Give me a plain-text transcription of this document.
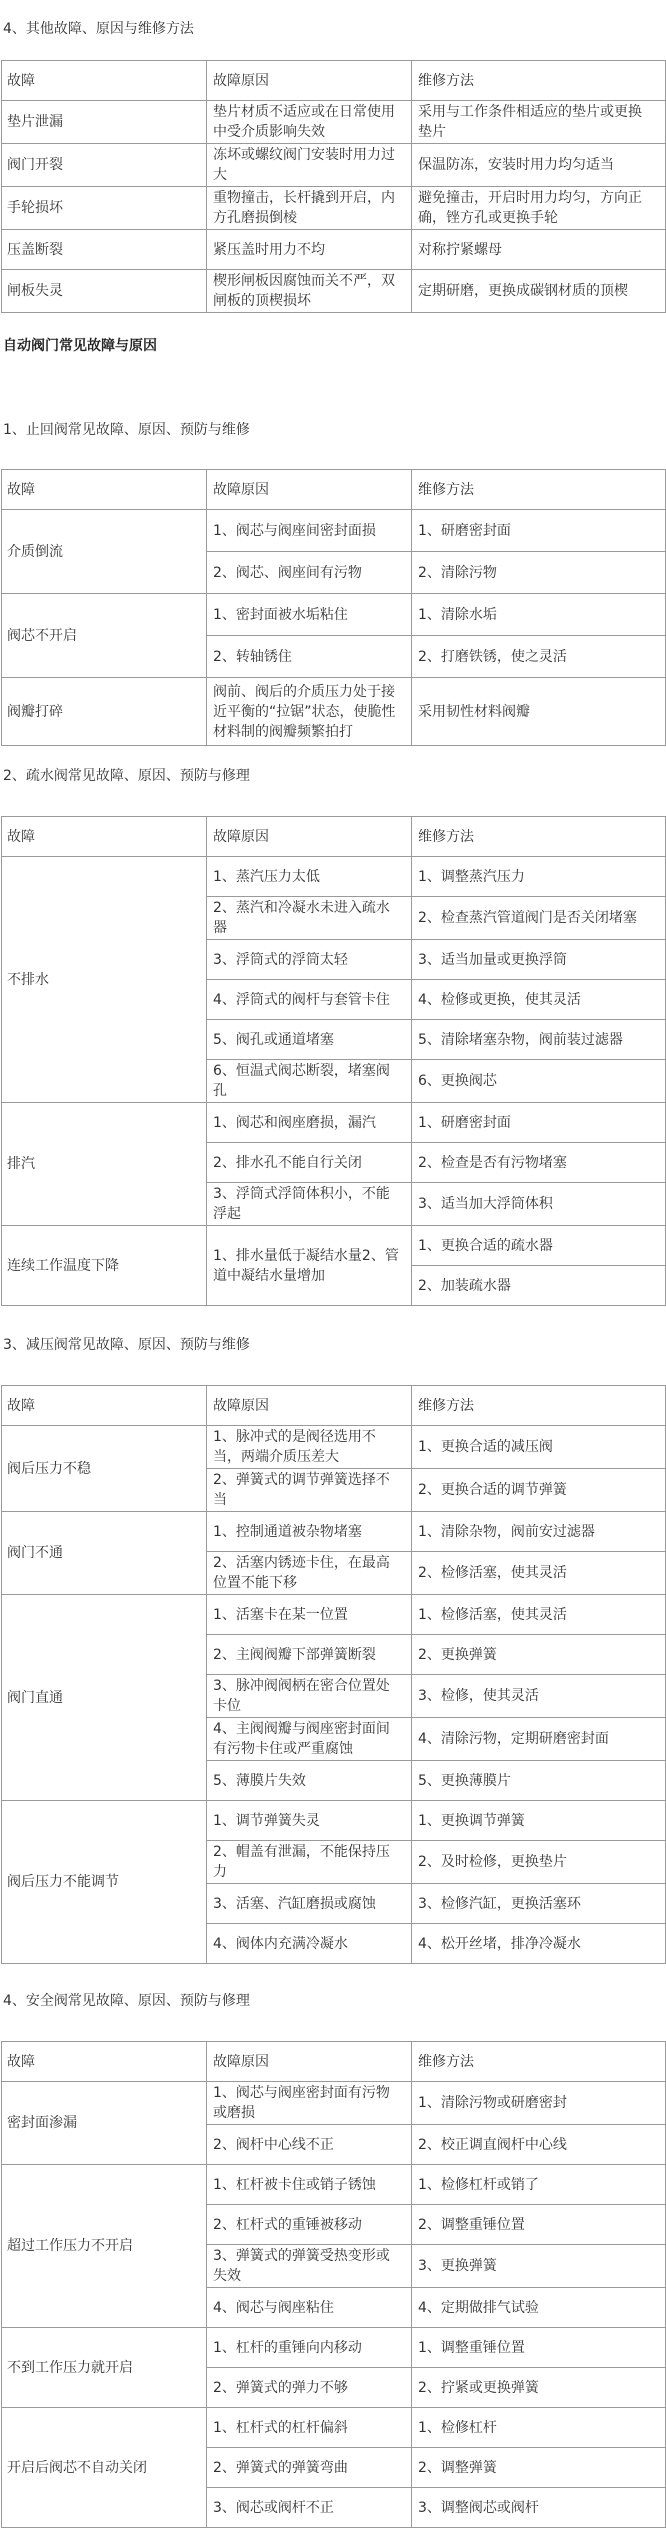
4、其他故障、原因与维修方法
故障	故障原因	维修方法
垫片泄漏	垫片材质不适应或在日常使用中受介质影响失效	采用与工作条件相适应的垫片或更换垫片
阀门开裂	冻坏或螺纹阀门安装时用力过大	保温防冻，安装时用力均匀适当
手轮损坏	重物撞击，长杆撬到开启，内方孔磨损倒棱	避免撞击，开启时用力均匀，方向正确，锉方孔或更换手轮
压盖断裂	紧压盖时用力不均	对称拧紧螺母
闸板失灵	楔形闸板因腐蚀而关不严，双闸板的顶楔损坏	定期研磨，更换成碳钢材质的顶楔
自动阀门常见故障与原因
1、止回阀常见故障、原因、预防与维修
故障	故障原因	维修方法
介质倒流	1、阀芯与阀座间密封面损	1、研磨密封面
	2、阀芯、阀座间有污物	2、清除污物
阀芯不开启	1、密封面被水垢粘住	1、清除水垢
	2、转轴锈住	2、打磨铁锈，使之灵活
阀瓣打碎	阀前、阀后的介质压力处于接近平衡的“拉锯”状态，使脆性材料制的阀瓣频繁拍打	采用韧性材料阀瓣
2、疏水阀常见故障、原因、预防与修理
故障	故障原因	维修方法
不排水	1、蒸汽压力太低	1、调整蒸汽压力
	2、蒸汽和冷凝水未进入疏水器	2、检查蒸汽管道阀门是否关闭堵塞
	3、浮筒式的浮筒太轻	3、适当加量或更换浮筒
	4、浮筒式的阀杆与套管卡住	4、检修或更换，使其灵活
	5、阀孔或通道堵塞	5、清除堵塞杂物，阀前装过滤器
	6、恒温式阀芯断裂，堵塞阀孔	6、更换阀芯
排汽	1、阀芯和阀座磨损，漏汽	1、研磨密封面
	2、排水孔不能自行关闭	2、检查是否有污物堵塞
	3、浮筒式浮筒体积小，不能浮起	3、适当加大浮筒体积
连续工作温度下降	1、排水量低于凝结水量2、管道中凝结水量增加	1、更换合适的疏水器
		2、加装疏水器
3、减压阀常见故障、原因、预防与维修
故障	故障原因	维修方法
阀后压力不稳	1、脉冲式的是阀径选用不当，两端介质压差大	1、更换合适的减压阀
	2、弹簧式的调节弹簧选择不当	2、更换合适的调节弹簧
阀门不通	1、控制通道被杂物堵塞	1、清除杂物，阀前安过滤器
	2、活塞内锈迹卡住，在最高位置不能下移	2、检修活塞，使其灵活
阀门直通	1、活塞卡在某一位置	1、检修活塞，使其灵活
	2、主阀阀瓣下部弹簧断裂	2、更换弹簧
	3、脉冲阀阀柄在密合位置处卡位	3、检修，使其灵活
	4、主阀阀瓣与阀座密封面间有污物卡住或严重腐蚀	4、清除污物，定期研磨密封面
	5、薄膜片失效	5、更换薄膜片
阀后压力不能调节	1、调节弹簧失灵	1、更换调节弹簧
	2、帽盖有泄漏，不能保持压力	2、及时检修，更换垫片
	3、活塞、汽缸磨损或腐蚀	3、检修汽缸，更换活塞环
	4、阀体内充满冷凝水	4、松开丝堵，排净冷凝水
4、安全阀常见故障、原因、预防与修理
故障	故障原因	维修方法
密封面渗漏	1、阀芯与阀座密封面有污物或磨损	1、清除污物或研磨密封
	2、阀杆中心线不正	2、校正调直阀杆中心线
超过工作压力不开启	1、杠杆被卡住或销子锈蚀	1、检修杠杆或销了
	2、杠杆式的重锤被移动	2、调整重锤位置
	3、弹簧式的弹簧受热变形或失效	3、更换弹簧
	4、阀芯与阀座粘住	4、定期做排气试验
不到工作压力就开启	1、杠杆的重锤向内移动	1、调整重锤位置
	2、弹簧式的弹力不够	2、拧紧或更换弹簧
开启后阀芯不自动关闭	1、杠杆式的杠杆偏斜	1、检修杠杆
	2、弹簧式的弹簧弯曲	2、调整弹簧
	3、阀芯或阀杆不正	3、调整阀芯或阀杆
